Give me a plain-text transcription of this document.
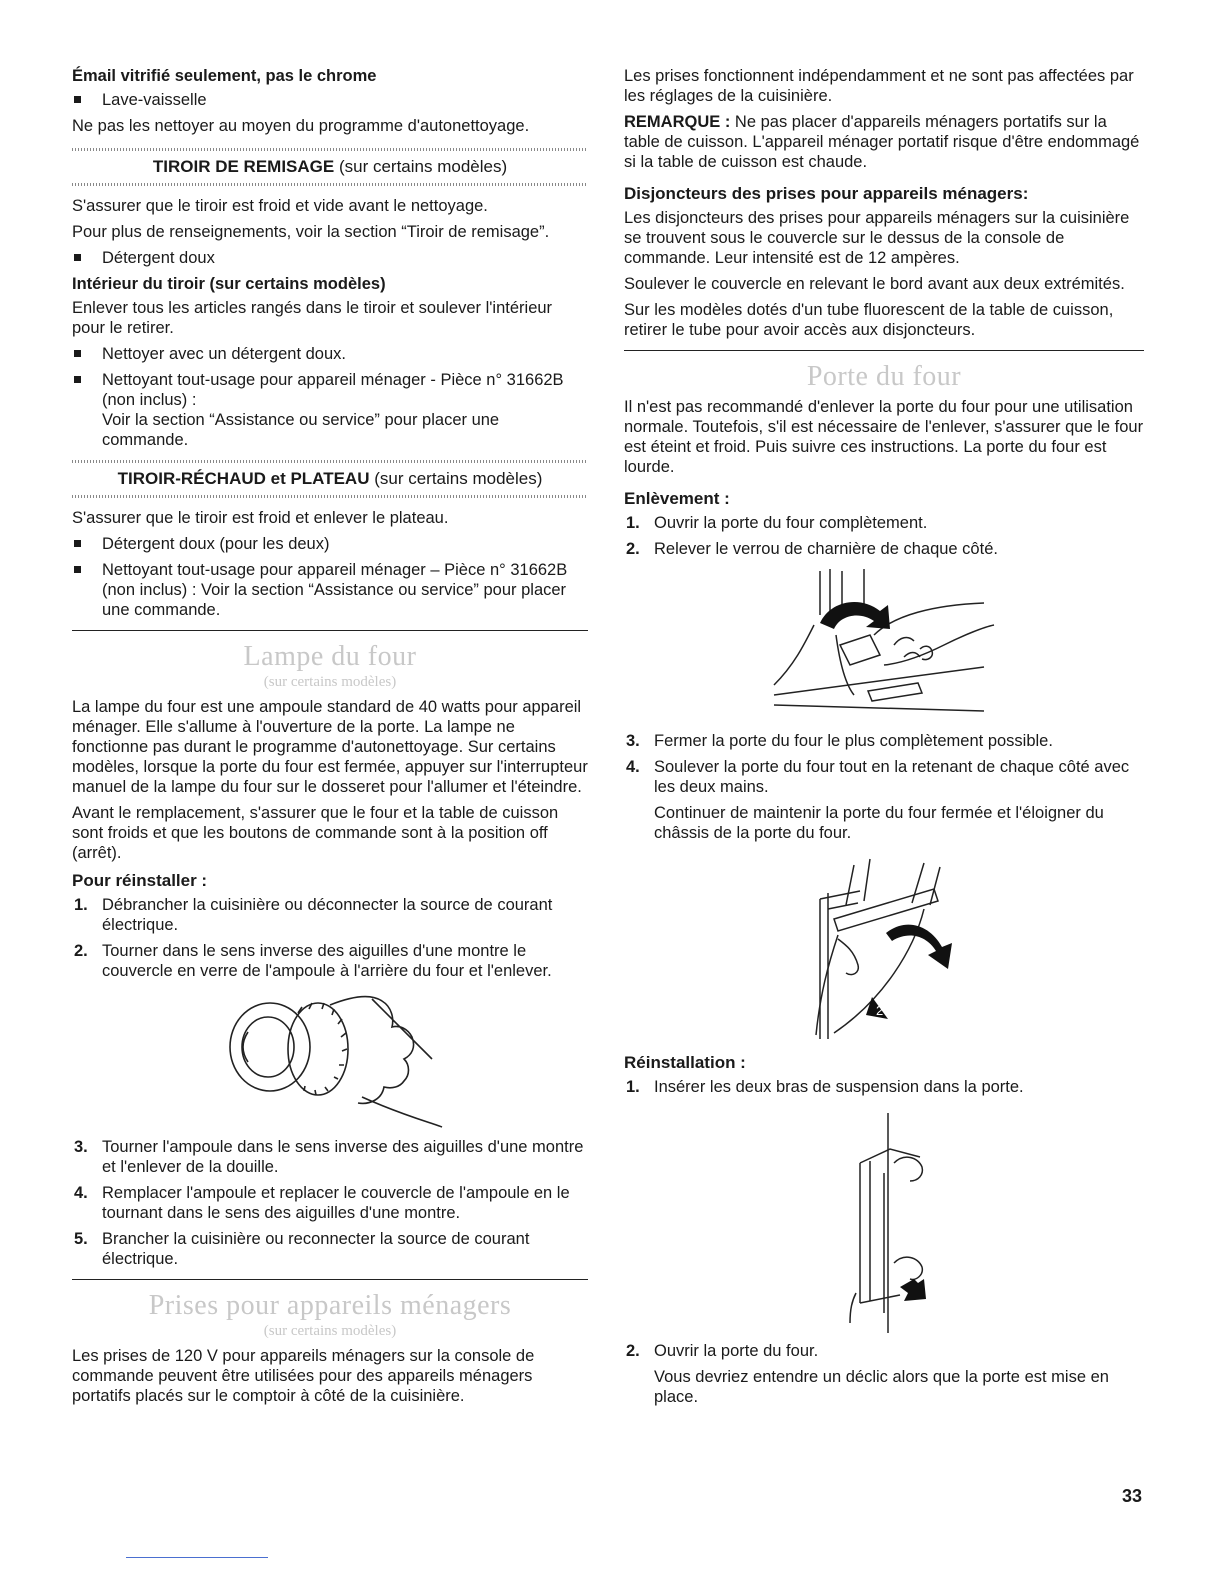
Émail vitrifié seulement, pas le chrome

Lave-vaisselle

Ne pas les nettoyer au moyen du programme d'autonettoyage.

TIROIR DE REMISAGE (sur certains modèles)

S'assurer que le tiroir est froid et vide avant le nettoyage.

Pour plus de renseignements, voir la section “Tiroir de remisage”.

Détergent doux

Intérieur du tiroir (sur certains modèles)

Enlever tous les articles rangés dans le tiroir et soulever l'intérieur pour le retirer.

Nettoyer avec un détergent doux.
Nettoyant tout-usage pour appareil ménager - Pièce n° 31662B (non inclus) :
Voir la section “Assistance ou service” pour placer une commande.
TIROIR-RÉCHAUD et PLATEAU (sur certains modèles)

S'assurer que le tiroir est froid et enlever le plateau.

Détergent doux (pour les deux)
Nettoyant tout-usage pour appareil ménager – Pièce n° 31662B (non inclus) : Voir la section “Assistance ou service” pour placer une commande.
Lampe du four
(sur certains modèles)

La lampe du four est une ampoule standard de 40 watts pour appareil ménager. Elle s'allume à l'ouverture de la porte. La lampe ne fonctionne pas durant le programme d'autonettoyage. Sur certains modèles, lorsque la porte du four est fermée, appuyer sur l'interrupteur manuel de la lampe du four sur le dosseret pour l'allumer et l'éteindre.

Avant le remplacement, s'assurer que le four et la table de cuisson sont froids et que les boutons de commande sont à la position off (arrêt).

Pour réinstaller :

1. Débrancher la cuisinière ou déconnecter la source de courant électrique.
2. Tourner dans le sens inverse des aiguilles d'une montre le couvercle en verre de l'ampoule à l'arrière du four et l'enlever.
3. Tourner l'ampoule dans le sens inverse des aiguilles d'une montre et l'enlever de la douille.
4. Remplacer l'ampoule et replacer le couvercle de l'ampoule en le tournant dans le sens des aiguilles d'une montre.
5. Brancher la cuisinière ou reconnecter la source de courant électrique.
Prises pour appareils ménagers
(sur certains modèles)

Les prises de 120 V pour appareils ménagers sur la console de commande peuvent être utilisées pour des appareils ménagers portatifs placés sur le comptoir à côté de la cuisinière.

Les prises fonctionnent indépendamment et ne sont pas affectées par les réglages de la cuisinière.

REMARQUE : Ne pas placer d'appareils ménagers portatifs sur la table de cuisson. L'appareil ménager portatif risque d'être endommagé si la table de cuisson est chaude.

Disjoncteurs des prises pour appareils ménagers:

Les disjoncteurs des prises pour appareils ménagers sur la cuisinière se trouvent sous le couvercle sur le dessus de la console de commande. Leur intensité est de 12 ampères.

Soulever le couvercle en relevant le bord avant aux deux extrémités.

Sur les modèles dotés d'un tube fluorescent de la table de cuisson, retirer le tube pour avoir accès aux disjoncteurs.

Porte du four

Il n'est pas recommandé d'enlever la porte du four pour une utilisation normale. Toutefois, s'il est nécessaire de l'enlever, s'assurer que le four est éteint et froid. Puis suivre ces instructions. La porte du four est lourde.

Enlèvement :

1. Ouvrir la porte du four complètement.
2. Relever le verrou de charnière de chaque côté.
3. Fermer la porte du four le plus complètement possible.
4. Soulever la porte du four tout en la retenant de chaque côté avec les deux mains.

Continuer de maintenir la porte du four fermée et l'éloigner du châssis de la porte du four.

1
2

Réinstallation :

1. Insérer les deux bras de suspension dans la porte.
2. Ouvrir la porte du four.

Vous devriez entendre un déclic alors que la porte est mise en place.

33
